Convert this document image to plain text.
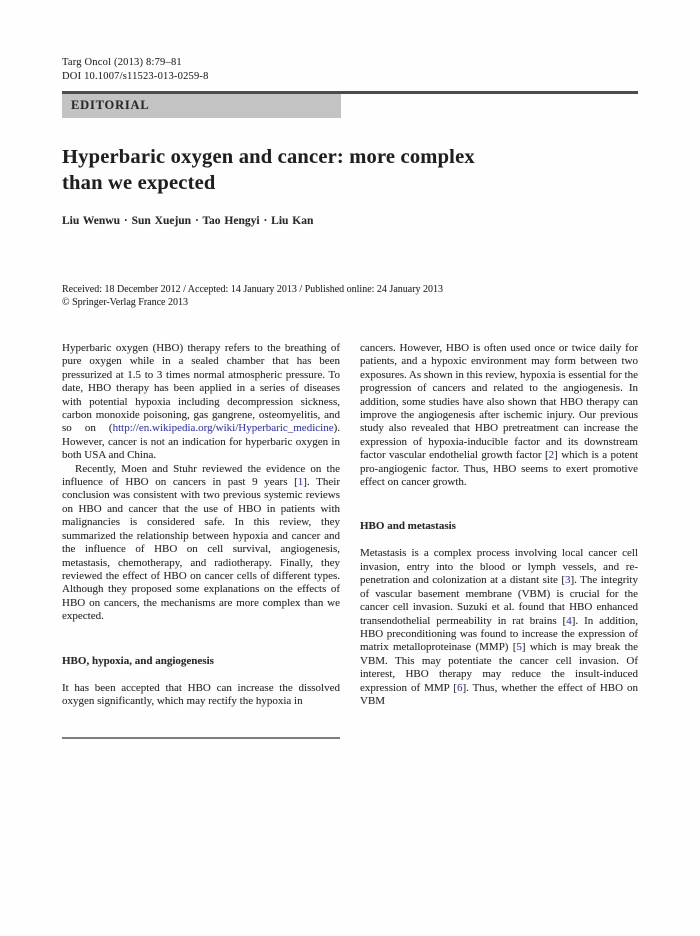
Targ Oncol (2013) 8:79–81
DOI 10.1007/s11523-013-0259-8
EDITORIAL
Hyperbaric oxygen and cancer: more complex
than we expected
Liu Wenwu · Sun Xuejun · Tao Hengyi · Liu Kan
Received: 18 December 2012 / Accepted: 14 January 2013 / Published online: 24 January 2013
© Springer-Verlag France 2013

Hyperbaric oxygen (HBO) therapy refers to the breathing of pure oxygen while in a sealed chamber that has been pressurized at 1.5 to 3 times normal atmospheric pressure. To date, HBO therapy has been applied in a series of diseases with potential hypoxia including decompression sickness, carbon monoxide poisoning, gas gangrene, osteomyelitis, and so on (http://en.wikipedia.org/wiki/Hyperbaric_medicine). However, cancer is not an indication for hyperbaric oxygen in both USA and China.

Recently, Moen and Stuhr reviewed the evidence on the influence of HBO on cancers in past 9 years [1]. Their conclusion was consistent with two previous systemic reviews on HBO and cancer that the use of HBO in patients with malignancies is considered safe. In this review, they summarized the relationship between hypoxia and cancer and the influence of HBO on cell survival, angiogenesis, metastasis, chemotherapy, and radiotherapy. Finally, they reviewed the effect of HBO on cancer cells of different types. Although they proposed some explanations on the effects of HBO on cancers, the mechanisms are more complex than we expected.

HBO, hypoxia, and angiogenesis

It has been accepted that HBO can increase the dissolved oxygen significantly, which may rectify the hypoxia in

cancers. However, HBO is often used once or twice daily for patients, and a hypoxic environment may form between two exposures. As shown in this review, hypoxia is essential for the progression of cancers and related to the angiogenesis. In addition, some studies have also shown that HBO therapy can improve the angiogenesis after ischemic injury. Our previous study also revealed that HBO pretreatment can increase the expression of hypoxia-inducible factor and its downstream factor vascular endothelial growth factor [2] which is a potent pro-angiogenic factor. Thus, HBO seems to exert promotive effect on cancer growth.

HBO and metastasis

Metastasis is a complex process involving local cancer cell invasion, entry into the blood or lymph vessels, and re-penetration and colonization at a distant site [3]. The integrity of vascular basement membrane (VBM) is crucial for the cancer cell invasion. Suzuki et al. found that HBO enhanced transendothelial permeability in rat brains [4]. In addition, HBO preconditioning was found to increase the expression of matrix metalloproteinase (MMP) [5] which is may break the VBM. This may potentiate the cancer cell invasion. Of interest, HBO therapy may reduce the insult-induced expression of MMP [6]. Thus, whether the effect of HBO on VBM
